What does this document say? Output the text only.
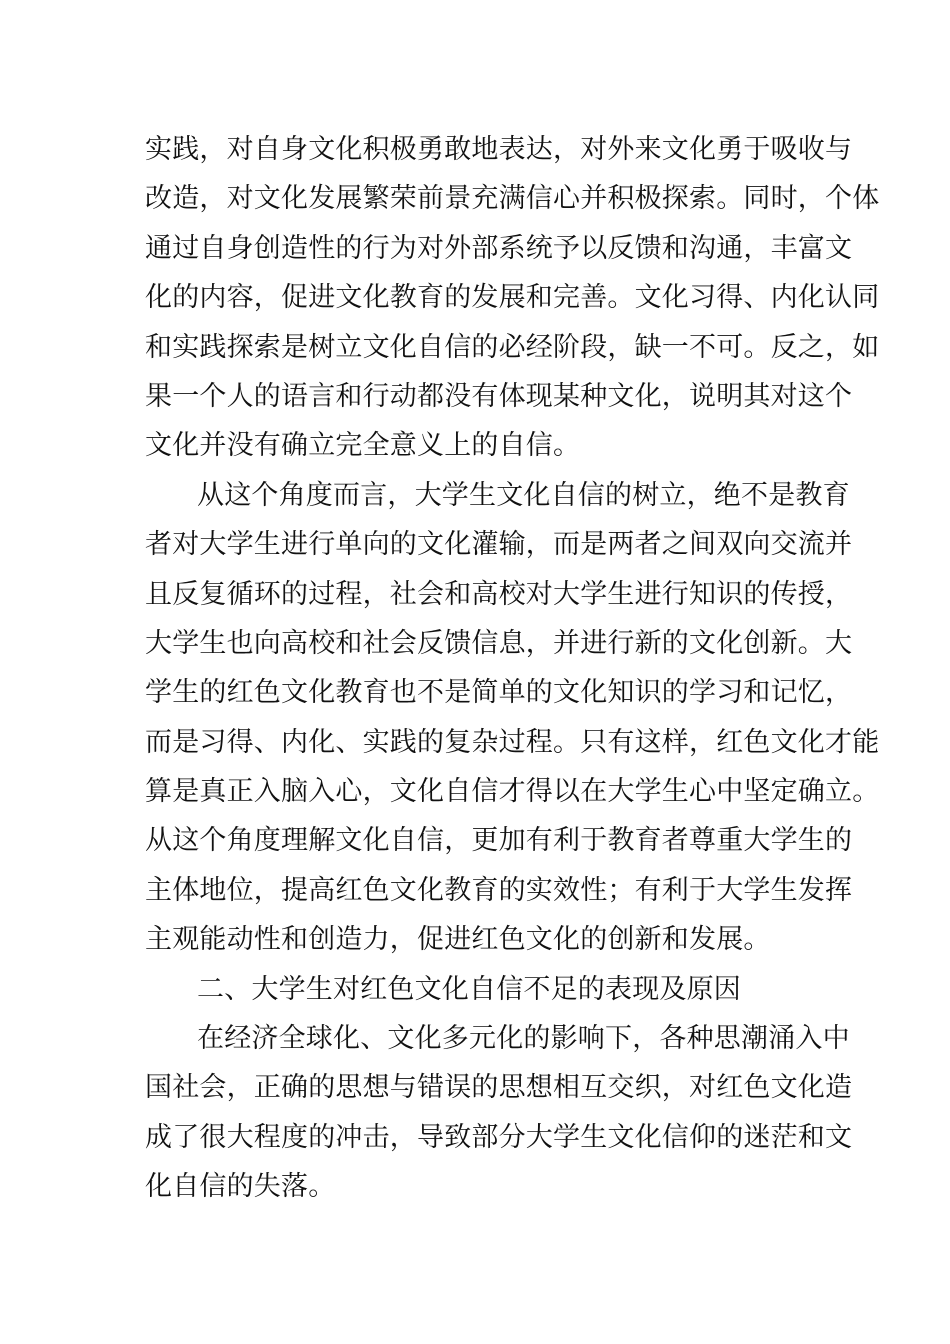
实践，对自身文化积极勇敢地表达，对外来文化勇于吸收与
改造，对文化发展繁荣前景充满信心并积极探索。同时，个体
通过自身创造性的行为对外部系统予以反馈和沟通，丰富文
化的内容，促进文化教育的发展和完善。文化习得、内化认同
和实践探索是树立文化自信的必经阶段，缺一不可。反之，如
果一个人的语言和行动都没有体现某种文化，说明其对这个
文化并没有确立完全意义上的自信。
从这个角度而言，大学生文化自信的树立，绝不是教育
者对大学生进行单向的文化灌输，而是两者之间双向交流并
且反复循环的过程，社会和高校对大学生进行知识的传授，
大学生也向高校和社会反馈信息，并进行新的文化创新。大
学生的红色文化教育也不是简单的文化知识的学习和记忆，
而是习得、内化、实践的复杂过程。只有这样，红色文化才能
算是真正入脑入心，文化自信才得以在大学生心中坚定确立。
从这个角度理解文化自信，更加有利于教育者尊重大学生的
主体地位，提高红色文化教育的实效性；有利于大学生发挥
主观能动性和创造力，促进红色文化的创新和发展。
二、大学生对红色文化自信不足的表现及原因
在经济全球化、文化多元化的影响下，各种思潮涌入中
国社会，正确的思想与错误的思想相互交织，对红色文化造
成了很大程度的冲击，导致部分大学生文化信仰的迷茫和文
化自信的失落。
